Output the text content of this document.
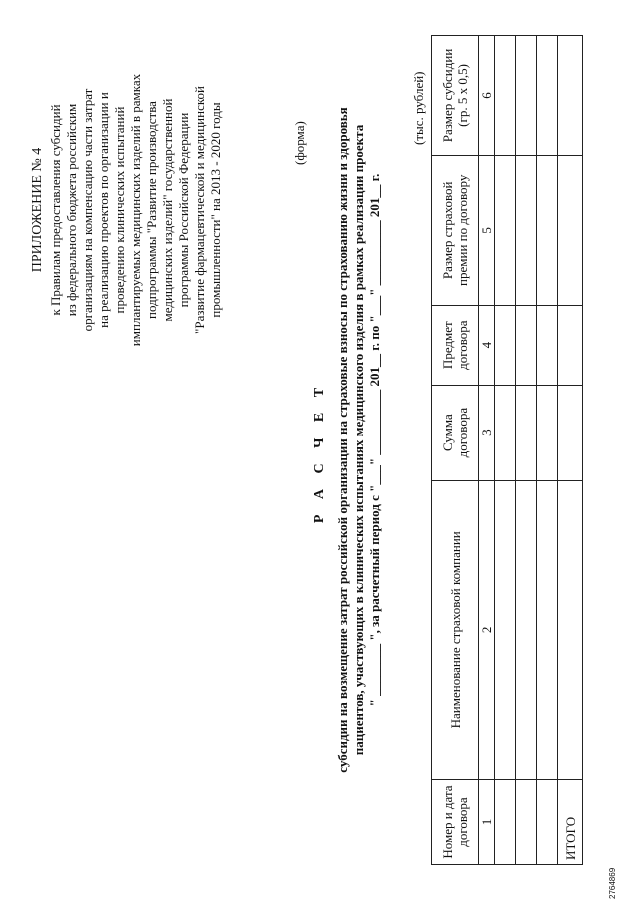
ПРИЛОЖЕНИЕ № 4 к Правилам предоставления субсидий из федерального бюджета российским организациям на компенсацию части затрат на реализацию проектов по организации и проведению клинических испытаний имплантируемых медицинских изделий в рамках подпрограммы "Развитие производства медицинских изделий" государственной программы Российской Федерации "Развитие фармацевтической и медицинской промышленности" на 2013 - 2020 годы	(форма)
Р А С Ч Е Т субсидии на возмещение затрат российской организации на страховые взносы по страхованию жизни и здоровья пациентов, участвующих в клинических испытаниях медицинского изделия в рамках реализации проекта " ________ ", за расчетный период с "___" __________ 201__ г. по "___" __________ 201__ г.
(тыс. рублей)
Номер и дата договора	Наименование страховой компании	Сумма договора	Предмет договора	Размер страховой премии по договору	Размер субсидии (гр. 5 х 0,5)
1	2	3	4	5	6

ИТОГО					
2764869
